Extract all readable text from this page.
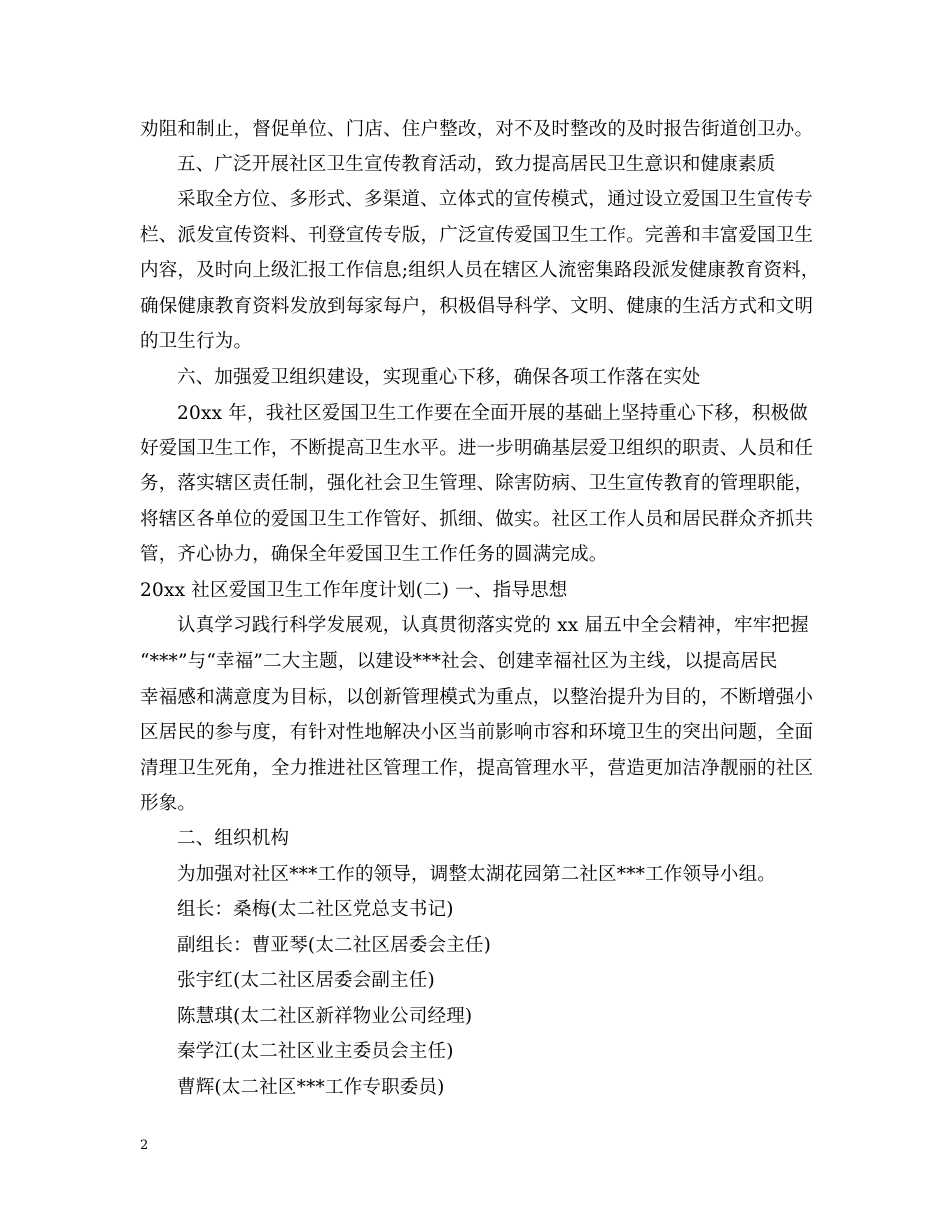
劝阻和制止，督促单位、门店、住户整改，对不及时整改的及时报告街道创卫办。
五、广泛开展社区卫生宣传教育活动，致力提高居民卫生意识和健康素质
采取全方位、多形式、多渠道、立体式的宣传模式，通过设立爱国卫生宣传专
栏、派发宣传资料、刊登宣传专版，广泛宣传爱国卫生工作。完善和丰富爱国卫生
内容，及时向上级汇报工作信息;组织人员在辖区人流密集路段派发健康教育资料，
确保健康教育资料发放到每家每户，积极倡导科学、文明、健康的生活方式和文明
的卫生行为。
六、加强爱卫组织建设，实现重心下移，确保各项工作落在实处
20xx 年，我社区爱国卫生工作要在全面开展的基础上坚持重心下移，积极做
好爱国卫生工作，不断提高卫生水平。进一步明确基层爱卫组织的职责、人员和任
务，落实辖区责任制，强化社会卫生管理、除害防病、卫生宣传教育的管理职能，
将辖区各单位的爱国卫生工作管好、抓细、做实。社区工作人员和居民群众齐抓共
管，齐心协力，确保全年爱国卫生工作任务的圆满完成。
20xx 社区爱国卫生工作年度计划(二) 一、指导思想
认真学习践行科学发展观，认真贯彻落实党的 xx 届五中全会精神，牢牢把握
“***”与“幸福”二大主题，以建设***社会、创建幸福社区为主线，以提高居民
幸福感和满意度为目标，以创新管理模式为重点，以整治提升为目的，不断增强小
区居民的参与度，有针对性地解决小区当前影响市容和环境卫生的突出问题，全面
清理卫生死角，全力推进社区管理工作，提高管理水平，营造更加洁净靓丽的社区
形象。
二、组织机构
为加强对社区***工作的领导，调整太湖花园第二社区***工作领导小组。
组长：桑梅(太二社区党总支书记)
副组长：曹亚琴(太二社区居委会主任)
张宇红(太二社区居委会副主任)
陈慧琪(太二社区新祥物业公司经理)
秦学江(太二社区业主委员会主任)
曹辉(太二社区***工作专职委员)
2
